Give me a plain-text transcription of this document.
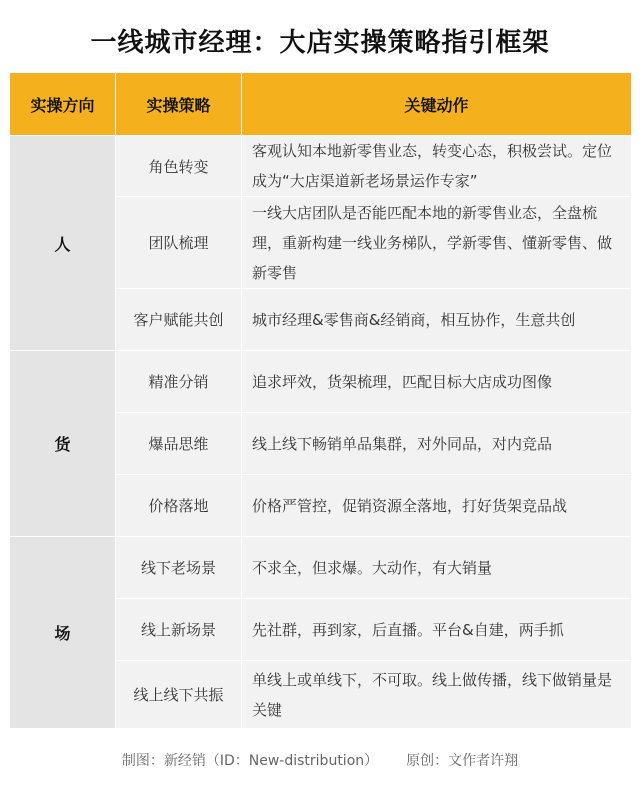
一线城市经理：大店实操策略指引框架
实操方向	实操策略	关键动作
人	角色转变	客观认知本地新零售业态，转变心态，积极尝试。定位成为“大店渠道新老场景运作专家”
	团队梳理	一线大店团队是否能匹配本地的新零售业态，全盘梳理，重新构建一线业务梯队，学新零售、懂新零售、做新零售
	客户赋能共创	城市经理&零售商&经销商，相互协作，生意共创
货	精准分销	追求坪效，货架梳理，匹配目标大店成功图像
	爆品思维	线上线下畅销单品集群，对外同品，对内竞品
	价格落地	价格严管控，促销资源全落地，打好货架竞品战
场	线下老场景	不求全，但求爆。大动作，有大销量
	线上新场景	先社群，再到家，后直播。平台&自建，两手抓
	线上线下共振	单线上或单线下，不可取。线上做传播，线下做销量是关键
制图：新经销（ID：New-distribution） 原创：文作者许翔
